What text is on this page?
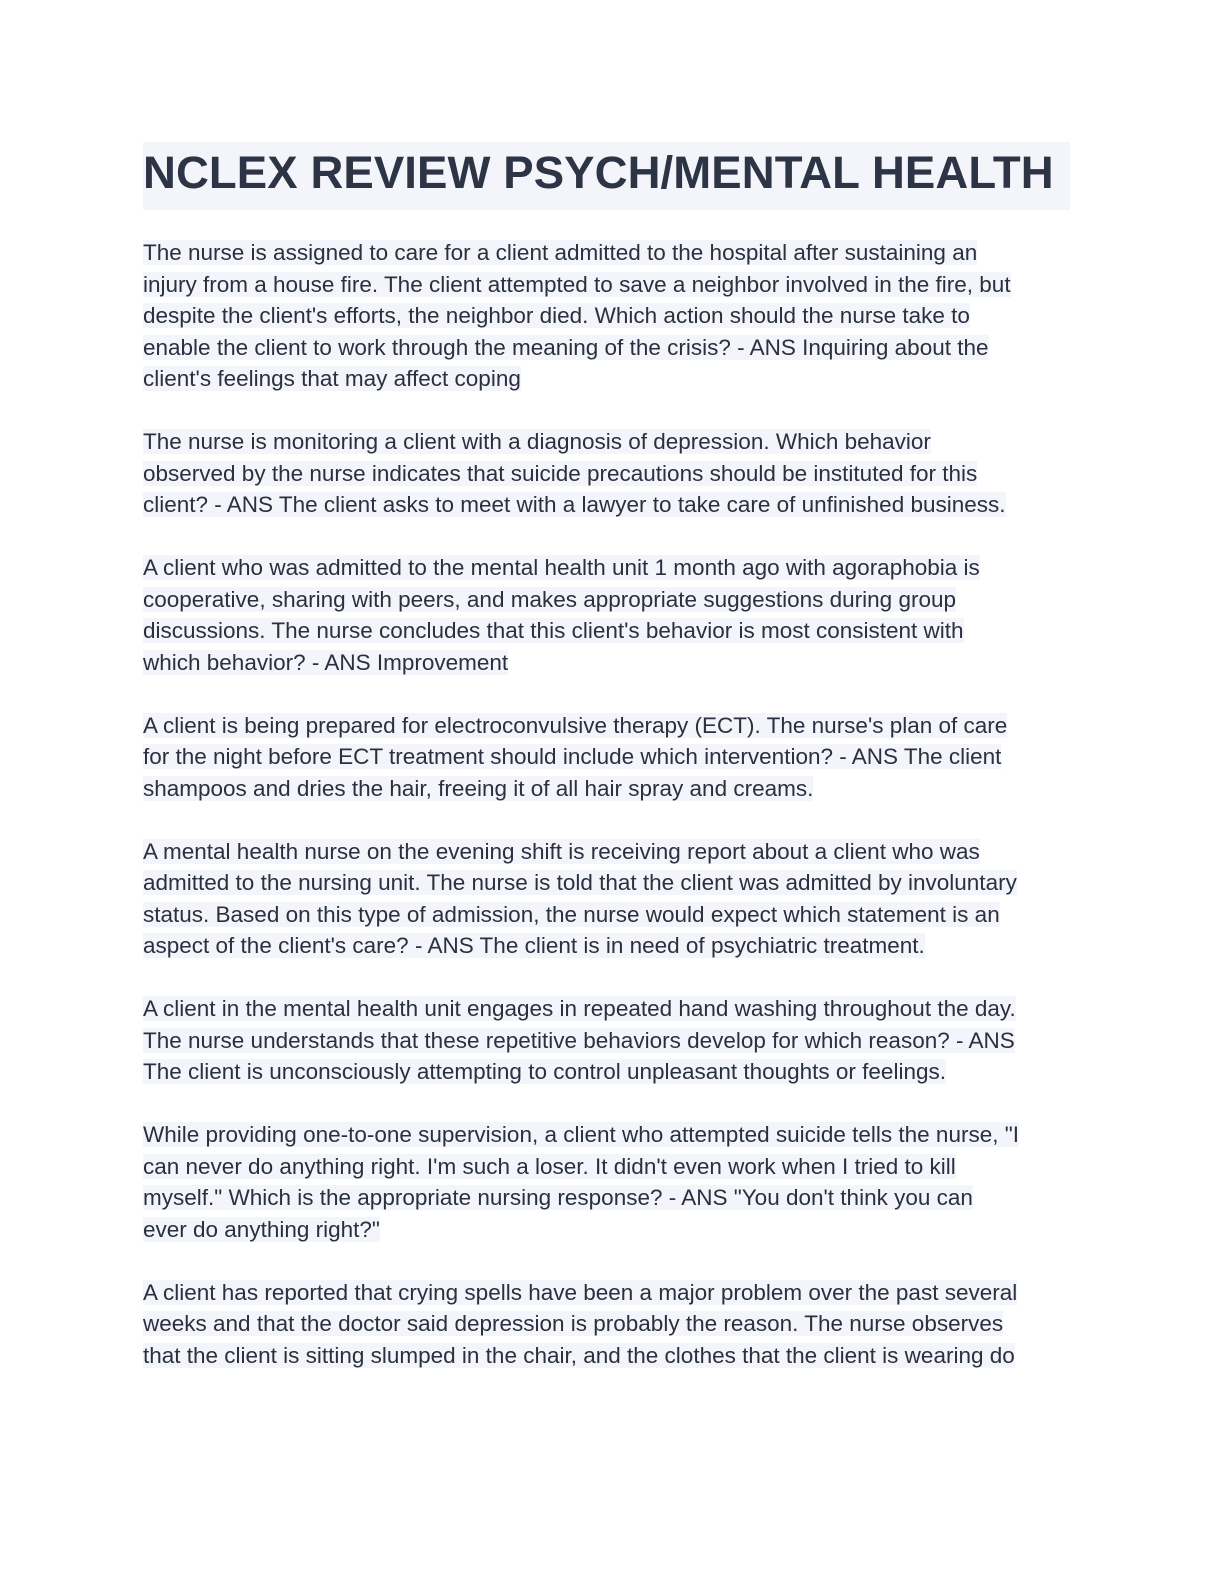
NCLEX REVIEW PSYCH/MENTAL HEALTH

The nurse is assigned to care for a client admitted to the hospital after sustaining an
injury from a house fire. The client attempted to save a neighbor involved in the fire, but
despite the client's efforts, the neighbor died. Which action should the nurse take to
enable the client to work through the meaning of the crisis? - ANS Inquiring about the
client's feelings that may affect coping

The nurse is monitoring a client with a diagnosis of depression. Which behavior
observed by the nurse indicates that suicide precautions should be instituted for this
client? - ANS The client asks to meet with a lawyer to take care of unfinished business.

A client who was admitted to the mental health unit 1 month ago with agoraphobia is
cooperative, sharing with peers, and makes appropriate suggestions during group
discussions. The nurse concludes that this client's behavior is most consistent with
which behavior? - ANS Improvement

A client is being prepared for electroconvulsive therapy (ECT). The nurse's plan of care
for the night before ECT treatment should include which intervention? - ANS The client
shampoos and dries the hair, freeing it of all hair spray and creams.

A mental health nurse on the evening shift is receiving report about a client who was
admitted to the nursing unit. The nurse is told that the client was admitted by involuntary
status. Based on this type of admission, the nurse would expect which statement is an
aspect of the client's care? - ANS The client is in need of psychiatric treatment.

A client in the mental health unit engages in repeated hand washing throughout the day.
The nurse understands that these repetitive behaviors develop for which reason? - ANS
The client is unconsciously attempting to control unpleasant thoughts or feelings.

While providing one-to-one supervision, a client who attempted suicide tells the nurse, "I
can never do anything right. I'm such a loser. It didn't even work when I tried to kill
myself." Which is the appropriate nursing response? - ANS "You don't think you can
ever do anything right?"

A client has reported that crying spells have been a major problem over the past several
weeks and that the doctor said depression is probably the reason. The nurse observes
that the client is sitting slumped in the chair, and the clothes that the client is wearing do
